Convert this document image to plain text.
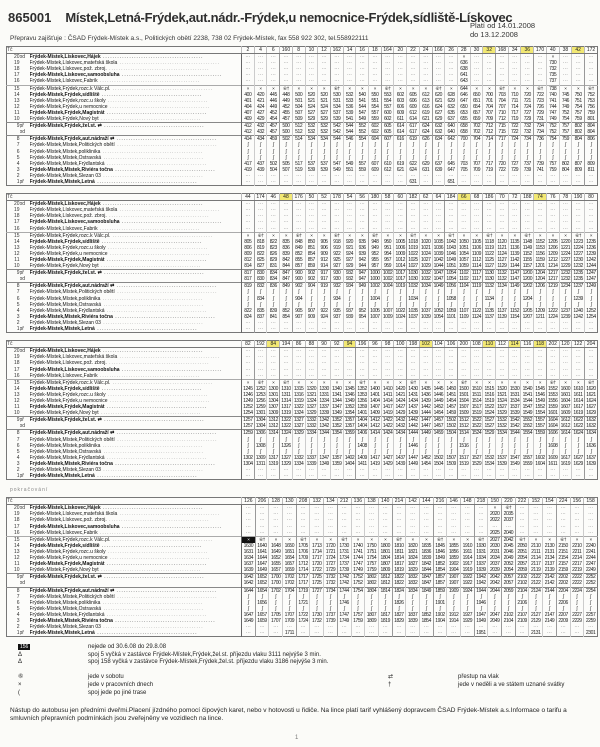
865001 Místek,Letná-Frýdek,aut.nádr.-Frýdek,u nemocnice-Frýdek,sídliště-Lískovec
Platí od 14.01.2008
do 13.12.2008
Přepravu zajišťuje : ČSAD Frýdek-Místek a.s., Politických obětí 2238, 738 02 Frýdek-Místek, fax 558 922 302, tel.558922111
Tč			2	4	6	160	8	10	12	162	14	16	18	164	20	22	24	166	26	28	30	32	168	34	36	170	40	38	42	172
20	od	Frýdek-Místek,Lískovec,Hájek .....	···	···	···	···	···	···	···	···	···	···	···	···	···	···	···	···	···	×	···	···	···	···	···	···	×	···	···	···
19		Frýdek-Místek,Lískovec,mateřská škola .....	···	···	···	···	···	···	···	···	···	···	···	···	···	···	···	···	···	6 36	···	···	···	···	···	···	7 30	···	···	···
18		Frýdek-Místek,Lískovec,pož. zbroj. .....	···	···	···	···	···	···	···	···	···	···	···	···	···	···	···	···	···	6 38	···	···	···	···	···	···	7 32	···	···	···
17		Frýdek-Místek,Lískovec,samoobsluha .....	···	···	···	···	···	···	···	···	···	···	···	···	···	···	···	···	···	6 41	···	···	···	···	···	···	7 35	···	···	···
16		Frýdek-Místek,Lískovec,Fabrik .....	···	···	···	···	···	···	···	···	···	···	···	···	···	···	···	···	···	6 43	···	···	···	···	···	···	7 37	···	···	···
15		Frýdek-Místek,Frýdek,rozc.k Válc.pl. .....	×	×	×	⑥†	×	×	×	⑥†	×	×	×	⑥†	×	×	×	⑥†	×	6 44	×	×	⑥†	×	×	⑥†	7 38	×	×	⑥†
14		Frýdek-Místek,Frýdek,sídliště .....	4 00	4 20	4 45	4 48	5 00	5 20	5 20	5 30	5 32	5 40	5 50	5 53	6 02	6 05	6 12	6 20	6 28	6 46	6 50	7 00	7 03	7 10	7 20	7 22	7 40	7 45	7 50	7 52
13		Frýdek-Místek,Frýdek,rozc.u školy .....	4 01	4 21	4 46	4 49	5 01	5 21	5 21	5 31	5 33	5 41	5 51	5 54	6 03	6 06	6 13	6 21	6 29	6 47	6 51	7 01	7 04	7 11	7 21	7 23	7 41	7 46	7 51	7 53
12		Frýdek-Místek,Frýdek,u nemocnice .....	4 04	4 24	4 49	4 52	5 04	5 24	5 24	5 34	5 36	5 44	5 54	5 57	6 06	6 09	6 16	6 24	6 32	6 50	6 54	7 04	7 07	7 14	7 24	7 26	7 44	7 49	7 54	7 56
11		Frýdek-Místek,Frýdek,Magistrát .....	4 07	4 27	4 52	4 55	5 07	5 27	5 27	5 37	5 39	5 47	5 57	6 00	6 09	6 12	6 19	6 27	6 35	6 53	6 57	7 07	7 10	7 17	7 27	7 29	7 47	7 52	7 57	7 59
10		Frýdek-Místek,Frýdek,Nový byt .....	4 09	4 29	4 54	4 57	5 09	5 29	5 29	5 39	5 41	5 49	5 59	6 02	6 11	6 14	6 21	6 29	6 37	6 55	6 59	7 09	7 12	7 19	7 29	7 31	7 49	7 54	7 59	8 01
9	př	Frýdek-Místek,Frýdek,žel.st. ⇄ .....	4 12	4 32	4 57	5 00	5 12	5 32	5 32	5 42	5 44	5 52	6 02	6 05	6 14	6 17	6 24	6 32	6 40	6 58	7 02	7 12	7 15	7 22	7 32	7 34	7 52	7 57	8 02	8 04
	od		4 12	4 32	4 57	5 00	5 12	5 32	5 32	5 42	5 44	5 52	6 02	6 05	6 14	6 17	6 24	6 32	6 40	6 58	7 02	7 12	7 15	7 22	7 32	7 34	7 52	7 57	8 02	8 04
8		Frýdek-Místek,Frýdek,aut.nádraží ⇄ .....	4 14	4 34	4 59	5 02	5 14	5 34	5 34	5 44	5 46	5 54	6 04	6 07	6 16	6 19	6 26	6 34	6 42	7 00	7 04	7 14	7 17	7 24	7 34	7 36	7 54	7 59	8 04	8 06
7		Frýdek-Místek,Místek,Politických obětí .....	ʃ	ʃ	ʃ	ʃ	ʃ	ʃ	ʃ	ʃ	ʃ	ʃ	ʃ	ʃ	ʃ	ʃ	ʃ	ʃ	ʃ	ʃ	ʃ	ʃ	ʃ	ʃ	ʃ	ʃ	ʃ	ʃ	ʃ	ʃ
6		Frýdek-Místek,Místek,poliklinika .....	ʃ	ʃ	ʃ	ʃ	ʃ	ʃ	ʃ	ʃ	ʃ	ʃ	ʃ	ʃ	ʃ	ʃ	ʃ	ʃ	ʃ	ʃ	ʃ	ʃ	ʃ	ʃ	ʃ	ʃ	ʃ	ʃ	ʃ	ʃ
5		Frýdek-Místek,Místek,Ostravská .....	ʃ	ʃ	ʃ	ʃ	ʃ	ʃ	ʃ	ʃ	ʃ	ʃ	ʃ	ʃ	ʃ	ʃ	ʃ	ʃ	ʃ	ʃ	ʃ	ʃ	ʃ	ʃ	ʃ	ʃ	ʃ	ʃ	ʃ	ʃ
4		Frýdek-Místek,Místek,Frýdlantská .....	4 17	4 37	5 02	5 05	5 17	5 37	5 37	5 47	5 49	5 57	6 07	6 10	6 19	6 22	6 29	6 37	6 45	7 03	7 07	7 17	7 20	7 27	7 37	7 39	7 57	8 02	8 07	8 09
3		Frýdek-Místek,Místek,Riviéra točna .....	4 19	4 39	5 04	5 07	5 19	5 39	5 39	5 49	5 51	5 59	6 09	6 12	6 21	6 24	6 31	6 39	6 47	7 05	7 09	7 19	7 22	7 29	7 39	7 41	7 59	8 04	8 09	8 11
2		Frýdek-Místek,Místek,Slezan 03 .....	···	···	···	···	···	···	···	···	···	···	···	···	···	···	···	···	···	···	···	···	···	···	···	···	···	···	···	···
1	př	Frýdek-Místek,Místek,Letná .....	···	···	···	···	···	···	···	···	···	···	···	···	···	6 31	···	···	6 51	···	···	···	···	···	···	···	···	···	···	···
Tč			44	174	46	48	176	50	52	178	54	56	180	58	60	182	62	64	184	66	68	186	70	72	188	74	76	78	190	80
20	od	Frýdek-Místek,Lískovec,Hájek .....	···	···	···	···	···	···	···	···	···	···	···	···	···	···	···	···	···	···	···	···	···	···	···	···	···	···	···	···
19		Frýdek-Místek,Lískovec,mateřská škola .....	···	···	···	···	···	···	···	···	···	···	···	···	···	···	···	···	···	···	···	···	···	···	···	···	···	···	···	···
18		Frýdek-Místek,Lískovec,pož. zbroj. .....	···	···	···	···	···	···	···	···	···	···	···	···	···	···	···	···	···	···	···	···	···	···	···	···	···	···	···	···
17		Frýdek-Místek,Lískovec,samoobsluha .....	···	···	···	···	···	···	···	···	···	···	···	···	···	···	···	···	···	···	···	···	···	···	···	···	···	···	···	···
16		Frýdek-Místek,Lískovec,Fabrik .....	···	···	···	···	···	···	···	···	···	···	···	···	···	···	···	···	···	···	···	···	···	···	···	···	···	···	···	···
15		Frýdek-Místek,Frýdek,rozc.k Válc.pl. .....	×	⑥†	×	×	⑥†	×	×	⑥†	×	×	⑥†	×	×	⑥†	×	×	⑥†	×	×	⑥†	×	×	⑥†	×	×	×	⑥†	×
14		Frýdek-Místek,Frýdek,sídliště .....	8 05	8 18	8 22	8 35	8 48	8 50	9 05	9 18	9 20	9 35	9 48	9 50	10 05	10 18	10 20	10 35	10 42	10 50	11 05	11 18	11 20	11 35	11 48	11 52	12 05	12 20	12 23	12 35
13		Frýdek-Místek,Frýdek,rozc.u školy .....	8 06	8 19	8 23	8 36	8 49	8 51	9 06	9 19	9 21	9 36	9 49	9 51	10 06	10 19	10 21	10 36	10 43	10 51	11 06	11 19	11 21	11 36	11 49	11 53	12 06	12 21	12 24	12 36
12		Frýdek-Místek,Frýdek,u nemocnice .....	8 09	8 22	8 26	8 39	8 52	8 54	9 09	9 22	9 24	9 39	9 52	9 54	10 09	10 22	10 24	10 39	10 46	10 54	11 09	11 22	11 24	11 39	11 52	11 56	12 09	12 24	12 27	12 39
11		Frýdek-Místek,Frýdek,Magistrát .....	8 12	8 25	8 29	8 42	8 55	8 57	9 12	9 25	9 27	9 42	9 55	9 57	10 12	10 25	10 27	10 42	10 49	10 57	11 12	11 25	11 27	11 42	11 55	11 59	12 12	12 27	12 30	12 42
10		Frýdek-Místek,Frýdek,Nový byt .....	8 14	8 27	8 31	8 44	8 57	8 59	9 14	9 27	9 29	9 44	9 57	9 59	10 14	10 27	10 29	10 44	10 51	10 59	11 14	11 27	11 29	11 44	11 57	12 01	12 14	12 29	12 32	12 44
9	př	Frýdek-Místek,Frýdek,žel.st. ⇄ .....	8 17	8 30	8 34	8 47	9 00	9 02	9 17	9 30	9 32	9 47	10 00	10 02	10 17	10 30	10 32	10 47	10 54	11 02	11 17	11 30	11 32	11 47	12 00	12 04	12 17	12 32	12 35	12 47
	od		8 17	8 30	8 34	8 47	9 00	9 02	9 17	9 30	9 32	9 47	10 00	10 02	10 17	10 30	10 32	10 47	10 54	11 02	11 17	11 30	11 32	11 47	12 00	12 04	12 17	12 32	12 35	12 47
8		Frýdek-Místek,Frýdek,aut.nádraží ⇄ .....	8 19	8 32	8 36	8 49	9 02	9 04	9 19	9 32	9 34	9 49	10 02	10 04	10 19	10 32	10 34	10 49	10 56	11 04	11 19	11 32	11 34	11 49	12 02	12 06	12 19	12 34	12 37	12 49
7		Frýdek-Místek,Místek,Politických obětí .....	ʃ	ʃ	ʃ	ʃ	ʃ	ʃ	ʃ	ʃ	ʃ	ʃ	ʃ	ʃ	ʃ	ʃ	ʃ	ʃ	ʃ	ʃ	ʃ	ʃ	ʃ	ʃ	ʃ	ʃ	ʃ	ʃ	ʃ	ʃ
6		Frýdek-Místek,Místek,poliklinika .....	ʃ	8 34	ʃ	ʃ	9 04	ʃ	ʃ	9 34	ʃ	ʃ	10 04	ʃ	ʃ	10 34	ʃ	ʃ	10 58	ʃ	ʃ	11 34	ʃ	ʃ	12 04	ʃ	ʃ	ʃ	12 39	ʃ
5		Frýdek-Místek,Místek,Ostravská .....	ʃ	ʃ	ʃ	ʃ	ʃ	ʃ	ʃ	ʃ	ʃ	ʃ	ʃ	ʃ	ʃ	ʃ	ʃ	ʃ	ʃ	ʃ	ʃ	ʃ	ʃ	ʃ	ʃ	ʃ	ʃ	ʃ	ʃ	ʃ
4		Frýdek-Místek,Místek,Frýdlantská .....	8 22	8 35	8 39	8 52	9 05	9 07	9 22	9 35	9 37	9 52	10 05	10 07	10 22	10 35	10 37	10 52	10 59	11 07	11 22	11 35	11 37	11 52	12 05	12 09	12 22	12 37	12 40	12 52
3		Frýdek-Místek,Místek,Riviéra točna .....	8 24	8 37	8 41	8 54	9 07	9 09	9 24	9 37	9 39	9 54	10 07	10 09	10 24	10 37	10 39	10 54	11 01	11 09	11 24	11 37	11 39	11 54	12 07	12 11	12 24	12 39	12 42	12 54
2		Frýdek-Místek,Místek,Slezan 03 .....	···	···	···	···	···	···	···	···	···	···	···	···	···	···	···	···	···	···	···	···	···	···	···	···	···	···	···	···
1	př	Frýdek-Místek,Místek,Letná .....	···	···	···	···	···	···	···	···	···	···	···	···	···	···	···	···	···	···	···	···	···	···	···	···	···	···	···	···
Tč			82	192	84	194	86	88	90	92	94	196	96	98	100	198	102	104	106	200	108	110	112	114	116	118	202	120	122	204
20	od	Frýdek-Místek,Lískovec,Hájek .....	···	···	···	···	···	···	···	···	···	···	···	···	···	···	···	···	···	···	···	···	···	···	···	···	···	···	···	···
19		Frýdek-Místek,Lískovec,mateřská škola .....	···	···	···	···	···	···	···	···	···	···	···	···	···	···	···	···	···	···	···	···	···	···	···	···	···	···	···	···
18		Frýdek-Místek,Lískovec,pož. zbroj. .....	···	···	···	···	···	···	···	···	···	···	···	···	···	···	···	···	···	···	···	···	···	···	···	···	···	···	···	···
17		Frýdek-Místek,Lískovec,samoobsluha .....	···	···	···	···	···	···	···	···	···	···	···	···	···	···	···	···	···	···	···	···	···	···	···	···	···	···	···	···
16		Frýdek-Místek,Lískovec,Fabrik .....	···	···	···	···	···	···	···	···	···	···	···	···	···	···	···	···	···	···	···	···	···	···	···	···	···	···	···	···
15		Frýdek-Místek,Frýdek,rozc.k Válc.pl. .....	×	⑥†	×	⑥†	×	×	×	×	×	⑥†	×	×	×	⑥†	×	×	×	⑥†	×	×	×	×	×	×	⑥†	×	×	⑥†
14		Frýdek-Místek,Frýdek,sídliště .....	12 45	12 52	13 00	13 10	13 15	13 20	13 30	13 40	13 45	13 52	14 00	14 10	14 20	14 30	14 35	14 45	14 50	15 00	15 10	15 15	15 20	15 30	15 40	15 45	15 52	16 00	16 10	16 20
13		Frýdek-Místek,Frýdek,rozc.u školy .....	12 46	12 53	13 01	13 11	13 16	13 21	13 31	13 41	13 46	13 53	14 01	14 11	14 21	14 31	14 36	14 46	14 51	15 01	15 11	15 16	15 21	15 31	15 41	15 46	15 53	16 01	16 11	16 21
12		Frýdek-Místek,Frýdek,u nemocnice .....	12 49	12 56	13 04	13 14	13 19	13 24	13 34	13 44	13 49	13 56	14 04	14 14	14 24	14 34	14 39	14 49	14 54	15 04	15 14	15 19	15 24	15 34	15 44	15 49	15 56	16 04	16 14	16 24
11		Frýdek-Místek,Frýdek,Magistrát .....	12 52	12 59	13 07	13 17	13 22	13 27	13 37	13 47	13 52	13 59	14 07	14 17	14 27	14 37	14 42	14 52	14 57	15 07	15 17	15 22	15 27	15 37	15 47	15 52	15 59	16 07	16 17	16 27
10		Frýdek-Místek,Frýdek,Nový byt .....	12 54	13 01	13 09	13 19	13 24	13 29	13 39	13 49	13 54	14 01	14 09	14 19	14 29	14 39	14 44	14 54	14 59	15 09	15 19	15 24	15 29	15 39	15 49	15 54	16 01	16 09	16 19	16 29
9	př	Frýdek-Místek,Frýdek,žel.st. ⇄ .....	12 57	13 04	13 12	13 22	13 27	13 32	13 42	13 52	13 57	14 04	14 12	14 22	14 32	14 42	14 47	14 57	15 02	15 12	15 22	15 27	15 32	15 42	15 52	15 57	16 04	16 12	16 22	16 32
	od		12 57	13 04	13 12	13 22	13 27	13 32	13 42	13 52	13 57	14 04	14 12	14 22	14 32	14 42	14 47	14 57	15 02	15 12	15 22	15 27	15 32	15 42	15 52	15 57	16 04	16 12	16 22	16 32
8		Frýdek-Místek,Frýdek,aut.nádraží ⇄ .....	12 59	13 06	13 14	13 24	13 29	13 34	13 44	13 54	13 59	14 06	14 14	14 24	14 34	14 44	14 49	14 59	15 04	15 14	15 24	15 29	15 34	15 44	15 54	15 59	16 06	16 14	16 24	16 34
7		Frýdek-Místek,Místek,Politických obětí .....	ʃ	ʃ	ʃ	ʃ	ʃ	ʃ	ʃ	ʃ	ʃ	ʃ	ʃ	ʃ	ʃ	ʃ	ʃ	ʃ	ʃ	ʃ	ʃ	ʃ	ʃ	ʃ	ʃ	ʃ	ʃ	ʃ	ʃ	ʃ
6		Frýdek-Místek,Místek,poliklinika .....	ʃ	13 08	ʃ	13 26	ʃ	ʃ	ʃ	ʃ	ʃ	14 08	ʃ	ʃ	ʃ	14 46	ʃ	ʃ	ʃ	15 16	ʃ	ʃ	ʃ	ʃ	ʃ	ʃ	16 08	ʃ	ʃ	16 36
5		Frýdek-Místek,Místek,Ostravská .....	ʃ	ʃ	ʃ	ʃ	ʃ	ʃ	ʃ	ʃ	ʃ	ʃ	ʃ	ʃ	ʃ	ʃ	ʃ	ʃ	ʃ	ʃ	ʃ	ʃ	ʃ	ʃ	ʃ	ʃ	ʃ	ʃ	ʃ	ʃ
4		Frýdek-Místek,Místek,Frýdlantská .....	13 02	13 09	13 17	13 27	13 32	13 37	13 47	13 57	14 02	14 09	14 17	14 27	14 37	14 47	14 52	15 02	15 07	15 17	15 27	15 32	15 37	15 47	15 57	16 02	16 09	16 17	16 27	16 37
3		Frýdek-Místek,Místek,Riviéra točna .....	13 04	13 11	13 19	13 29	13 34	13 39	13 49	13 59	14 04	14 11	14 19	14 29	14 39	14 49	14 54	15 04	15 09	15 19	15 29	15 34	15 39	15 49	15 59	16 04	16 11	16 19	16 29	16 39
2		Frýdek-Místek,Místek,Slezan 03 .....	···	···	···	···	···	···	···	···	···	···	···	···	···	···	···	···	···	···	···	···	···	···	···	···	···	···	···	···
1	př	Frýdek-Místek,Místek,Letná .....	···	···	···	···	···	···	···	···	···	···	···	···	···	···	···	···	···	···	···	···	···	···	···	···	···	···	···	···
pokračování
Tč			126	206	128	130	208	132	134	212	136	138	140	214	142	144	216	146	148	218	150	220	222	152	154	224	156	158
20	od	Frýdek-Místek,Lískovec,Hájek .....	···	···	···	···	···	···	···	···	···	···	···	···	···	···	···	···	···	···	×	⑥†	···	···	···	···	···	···
19		Frýdek-Místek,Lískovec,mateřská škola .....	···	···	···	···	···	···	···	···	···	···	···	···	···	···	···	···	···	···	20 20	20 35	···	···	···	···	···	···
18		Frýdek-Místek,Lískovec,pož. zbroj. .....	···	···	···	···	···	···	···	···	···	···	···	···	···	···	···	···	···	···	20 22	20 37	···	···	···	···	···	···
17		Frýdek-Místek,Lískovec,samoobsluha .....	···	···	···	···	···	···	···	···	···	···	···	···	···	···	···	···	···	···	···	···	···	···	···	···	···	···
16		Frýdek-Místek,Lískovec,Fabrik .....	···	···	···	···	···	···	···	···	···	···	···	···	···	···	···	···	···	···	20 25	20 40	···	···	···	···	···	···
15		Frýdek-Místek,Frýdek,rozc.k Válc.pl. .....	×	⑥†	×	×	⑥†	×	×	⑥†	×	×	×	⑥†	×	×	⑥†	×	×	⑥†	20 27	20 42	⑥†	×	×	⑥†	×	×
14		Frýdek-Místek,Frýdek,sídliště .....	16 30	16 40	16 48	16 50	17 05	17 13	17 20	17 30	17 40	17 50	18 00	18 10	18 20	18 35	18 45	18 55	19 10	19 30	20 30	20 45	20 50	21 10	21 30	21 50	22 10	22 40
13		Frýdek-Místek,Frýdek,rozc.u školy .....	16 31	16 41	16 49	16 51	17 06	17 14	17 21	17 31	17 41	17 51	18 01	18 11	18 21	18 36	18 46	18 56	19 11	19 31	20 31	20 46	20 51	21 11	21 31	21 51	22 11	22 41
12		Frýdek-Místek,Frýdek,u nemocnice .....	16 34	16 44	16 52	16 54	17 09	17 17	17 24	17 34	17 44	17 54	18 04	18 14	18 24	18 39	18 49	18 59	19 14	19 34	20 34	20 49	20 54	21 14	21 34	21 54	22 14	22 44
11		Frýdek-Místek,Frýdek,Magistrát .....	16 37	16 47	16 55	16 57	17 12	17 20	17 27	17 37	17 47	17 57	18 07	18 17	18 27	18 42	18 52	19 02	19 17	19 37	20 37	20 52	20 57	21 17	21 37	21 57	22 17	22 47
10		Frýdek-Místek,Frýdek,Nový byt .....	16 39	16 49	16 57	16 59	17 14	17 22	17 29	17 39	17 49	17 59	18 09	18 19	18 29	18 44	18 54	19 04	19 19	19 39	20 39	20 54	20 59	21 19	21 39	21 59	22 19	22 49
9	př	Frýdek-Místek,Frýdek,žel.st. ⇄ .....	16 42	16 52	17 00	17 02	17 17	17 25	17 32	17 42	17 52	18 02	18 12	18 22	18 32	18 47	18 57	19 07	19 22	19 42	20 42	20 57	21 02	21 22	21 42	22 02	22 22	22 52
	od		16 42	16 52	17 00	17 02	17 17	17 25	17 32	17 42	17 52	18 02	18 12	18 22	18 32	18 47	18 57	19 07	19 22	19 42	20 42	20 57	21 02	21 22	21 42	22 02	22 22	22 52
8		Frýdek-Místek,Frýdek,aut.nádraží ⇄ .....	16 44	16 54	17 02	17 04	17 19	17 27	17 34	17 44	17 54	18 04	18 14	18 24	18 34	18 49	18 59	19 09	19 24	19 44	20 44	20 59	21 04	21 24	21 44	22 04	22 24	22 54
7		Frýdek-Místek,Místek,Politických obětí .....	ʃ	ʃ	ʃ	ʃ	ʃ	ʃ	ʃ	ʃ	ʃ	ʃ	ʃ	ʃ	ʃ	ʃ	ʃ	ʃ	ʃ	ʃ	ʃ	ʃ	ʃ	ʃ	ʃ	ʃ	ʃ	ʃ
6		Frýdek-Místek,Místek,poliklinika .....	ʃ	16 56	ʃ	ʃ	17 21	ʃ	ʃ	17 46	ʃ	ʃ	ʃ	18 26	ʃ	ʃ	19 01	ʃ	ʃ	19 46	ʃ	ʃ	21 06	ʃ	ʃ	22 06	ʃ	ʃ
5		Frýdek-Místek,Místek,Ostravská .....	ʃ	ʃ	ʃ	ʃ	ʃ	ʃ	ʃ	ʃ	ʃ	ʃ	ʃ	ʃ	ʃ	ʃ	ʃ	ʃ	ʃ	ʃ	ʃ	ʃ	ʃ	ʃ	ʃ	ʃ	ʃ	ʃ
4		Frýdek-Místek,Místek,Frýdlantská .....	16 47	16 57	17 05	17 07	17 22	17 30	17 37	17 47	17 57	18 07	18 17	18 27	18 37	18 52	19 02	19 12	19 27	19 47	20 47	21 02	21 07	21 27	21 47	22 07	22 27	22 57
3		Frýdek-Místek,Místek,Riviéra točna .....	16 49	16 59	17 07	17 09	17 24	17 32	17 39	17 49	17 59	18 09	18 19	18 29	18 39	18 54	19 04	19 14	19 29	19 49	20 49	21 04	21 09	21 29	21 49	22 09	22 29	22 59
2		Frýdek-Místek,Místek,Slezan 03 .....	···	···	···	···	···	···	···	···	···	···	···	···	···	···	···	···	···	···	···	···	···	···	···	···	···	···
1	př	Frýdek-Místek,Místek,Letná .....	···	···	···	17 11	···	···	···	···	···	···	···	···	···	···	···	···	···	19 51	···	···	···	21 31	···	···	···	23 01
156	nejede od 30.6.08 do 29.8.08
Δ	spoj 5 vyčká v zastávce Frýdek-Místek,Frýdek,žel.st. příjezdu vlaku 3111 nejvýše 3 min.
Δ	spoj 158 vyčká v zastávce Frýdek-Místek,Frýdek,žel.st. příjezdu vlaku 3186 nejvýše 3 min.
⑥	jede v sobotu
×	jede v pracovních dnech
(	spoj jede po jiné trase
⇄	přestup na vlak
†	jede v neděli a ve státem uznané svátky
Nástup do autobusu jen předními dveřmi.Placení jízdného pomocí čipových karet, nebo v hotovosti u řidiče. Na lince platí tarif vyhlášený dopravcem ČSAD Frýdek-Místek a.s.Informace o tarifu a smluvních přepravních podmínkách jsou zveřejněny ve vozidlech na lince.
1
